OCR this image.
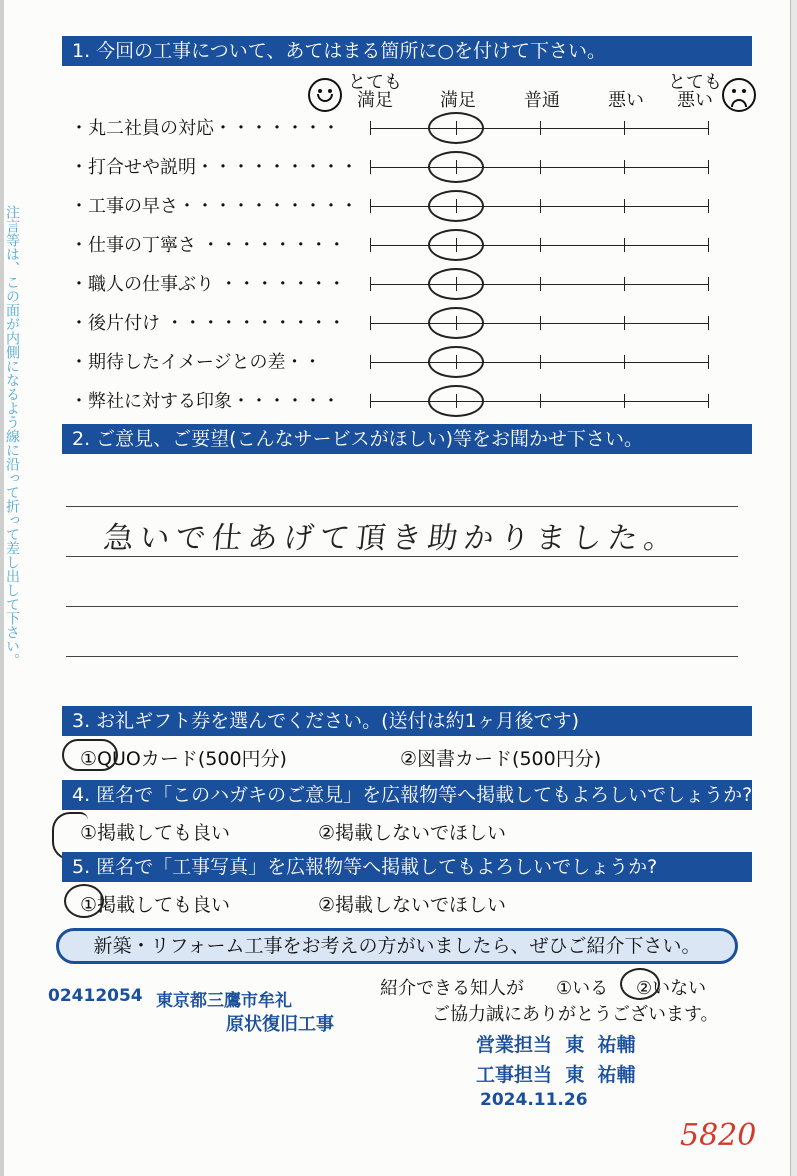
注言等は、この面が内側になるよう線に沿って折って差し出して下さい。
1. 今回の工事について、あてはまる箇所に○を付けて下さい。
とても
満足	満足	普通	悪い
とても
悪い
・丸二社員の対応・・・・・・・
・打合せや説明・・・・・・・・・
・工事の早さ・・・・・・・・・・
・仕事の丁寧さ ・・・・・・・・
・職人の仕事ぶり ・・・・・・・
・後片付け ・・・・・・・・・・
・期待したイメージとの差・・
・弊社に対する印象・・・・・・
2. ご意見、ご要望(こんなサービスがほしい)等をお聞かせ下さい。
急いで仕あげて頂き助かりました。
3. お礼ギフト券を選んでください。(送付は約1ヶ月後です)
①QUOカード(500円分)	②図書カード(500円分)
4. 匿名で「このハガキのご意見」を広報物等へ掲載してもよろしいでしょうか?
①掲載しても良い	②掲載しないでほしい
5. 匿名で「工事写真」を広報物等へ掲載してもよろしいでしょうか?
①掲載しても良い	②掲載しないでほしい
新築・リフォーム工事をお考えの方がいましたら、ぜひご紹介下さい。
紹介できる知人が ①いる ②いない
ご協力誠にありがとうございます。
02412054 東京都三鷹市牟礼
原状復旧工事
営業担当  東  祐輔
工事担当  東  祐輔
2024.11.26
5820
